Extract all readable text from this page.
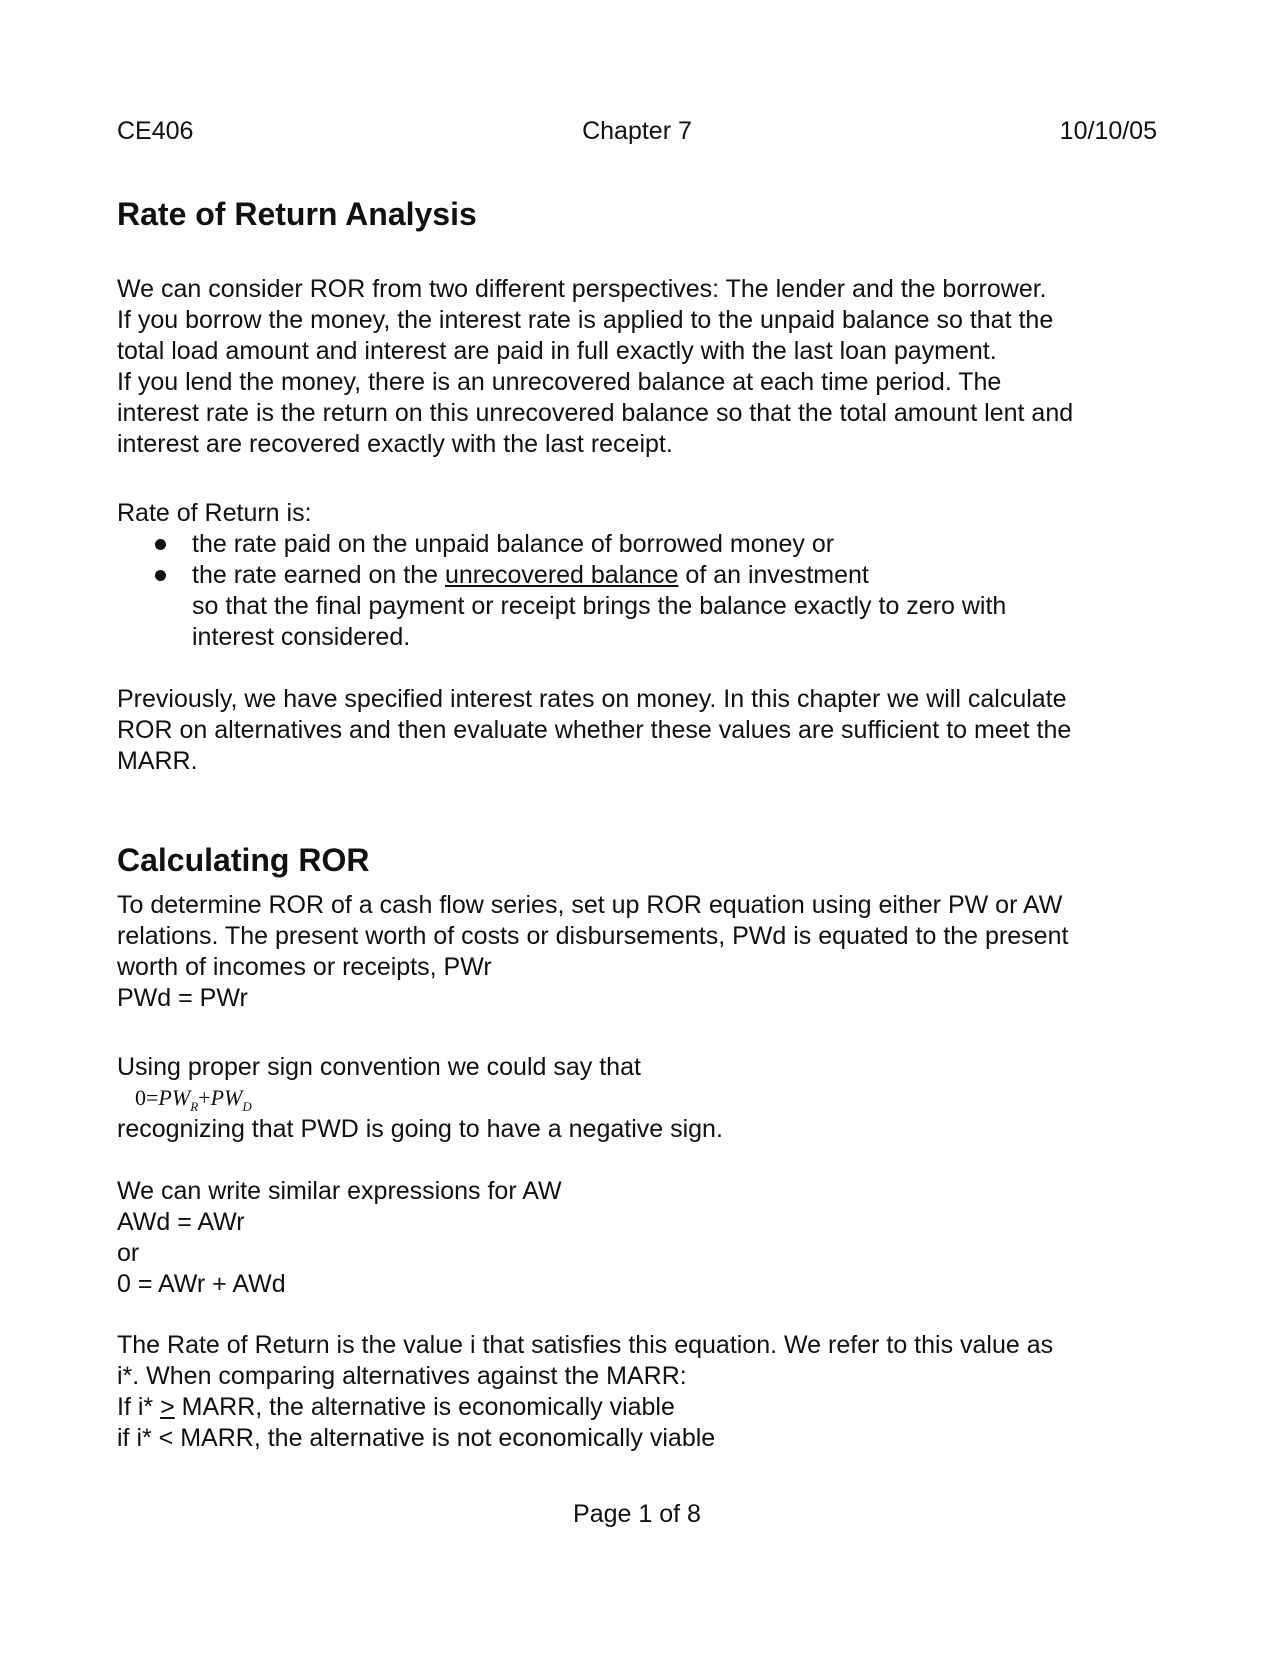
CE406	Chapter 7	10/10/05
Rate of Return Analysis

We can consider ROR from two different perspectives: The lender and the borrower.

If you borrow the money, the interest rate is applied to the unpaid balance so that the

total load amount and interest are paid in full exactly with the last loan payment.

If you lend the money, there is an unrecovered balance at each time period. The

interest rate is the return on this unrecovered balance so that the total amount lent and

interest are recovered exactly with the last receipt.

Rate of Return is:

the rate paid on the unpaid balance of borrowed money or
the rate earned on the unrecovered balance of an investment
so that the final payment or receipt brings the balance exactly to zero with
interest considered.

Previously, we have specified interest rates on money. In this chapter we will calculate

ROR on alternatives and then evaluate whether these values are sufficient to meet the

MARR.

Calculating ROR

To determine ROR of a cash flow series, set up ROR equation using either PW or AW

relations. The present worth of costs or disbursements, PWd is equated to the present

worth of incomes or receipts, PWr

PWd = PWr

Using proper sign convention we could say that

$0=PW_R+PW_D$

recognizing that PWD is going to have a negative sign.

We can write similar expressions for AW

AWd = AWr

or

0 = AWr + AWd

The Rate of Return is the value i that satisfies this equation. We refer to this value as

i*. When comparing alternatives against the MARR:

If i* > MARR, the alternative is economically viable

if i* < MARR, the alternative is not economically viable

Page 1 of 8
